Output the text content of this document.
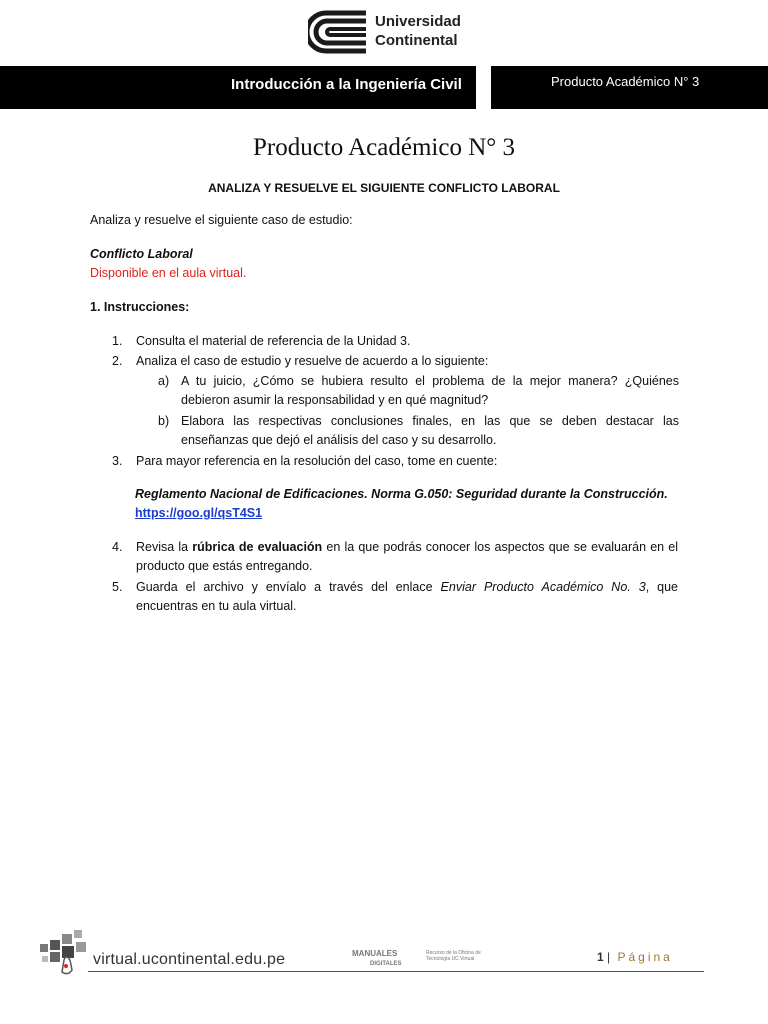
Universidad
Continental
Introducción a la Ingeniería Civil	Producto Académico N° 3
Producto Académico N° 3
ANALIZA Y RESUELVE EL SIGUIENTE CONFLICTO LABORAL
Analiza y resuelve el siguiente caso de estudio:
Conflicto Laboral
Disponible en el aula virtual.
1. Instrucciones:
1. Consulta el material de referencia de la Unidad 3.
2. Analiza el caso de estudio y resuelve de acuerdo a lo siguiente:
a) A tu juicio, ¿Cómo se hubiera resulto el problema de la mejor manera? ¿Quiénes debieron asumir la responsabilidad y en qué magnitud?
b) Elabora las respectivas conclusiones finales, en las que se deben destacar las enseñanzas que dejó el análisis del caso y su desarrollo.
3. Para mayor referencia en la resolución del caso, tome en cuente:
Reglamento Nacional de Edificaciones. Norma G.050: Seguridad durante la Construcción.
https://goo.gl/qsT4S1
4. Revisa la rúbrica de evaluación en la que podrás conocer los aspectos que se evaluarán en el producto que estás entregando.
5. Guarda el archivo y envíalo a través del enlace Enviar Producto Académico No. 3, que encuentras en tu aula virtual.
virtual.ucontinental.edu.pe	MANUALES
DIGITALES
Recurso de la Oficina de Tecnología UC Virtual	1 | Página
